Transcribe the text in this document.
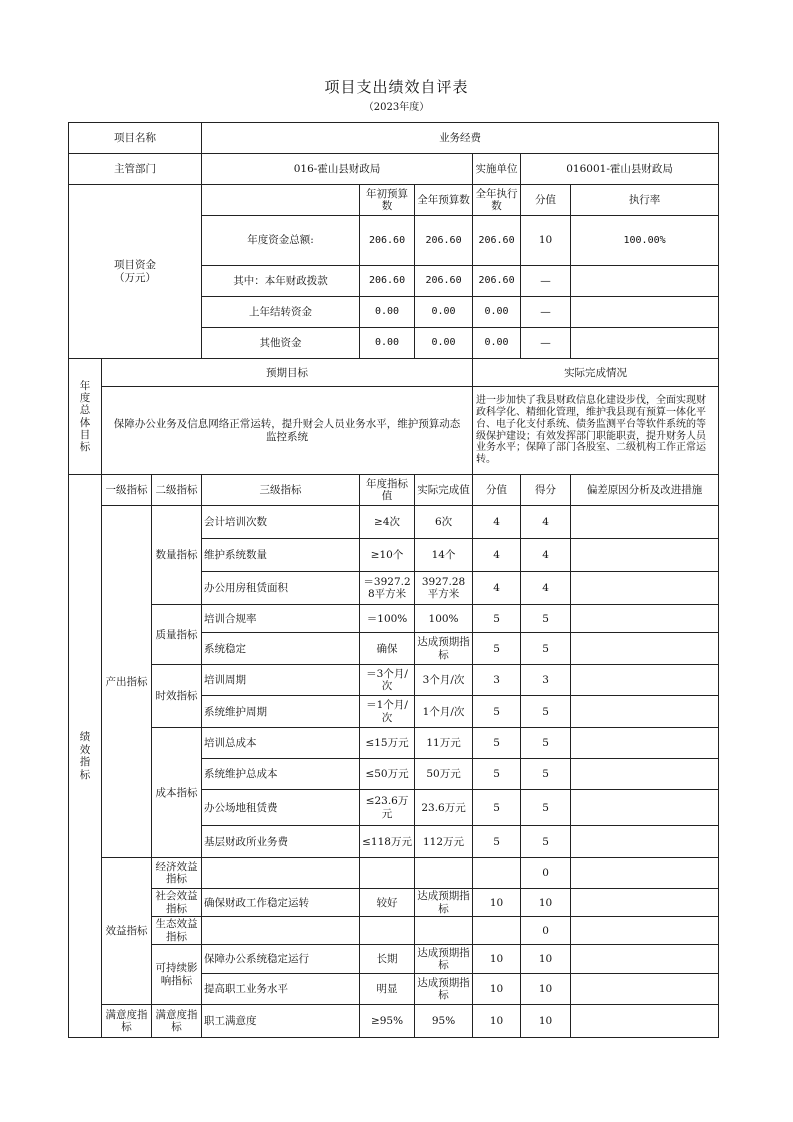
项目支出绩效自评表
（2023年度）
项目名称			业务经费						
主管部门			016-霍山县财政局			实施单位	016001-霍山县财政局		
项目资金
（万元）				年初预算数	全年预算数	全年执行数	分值	执行率	
			年度资金总额:	206.60	206.60	206.60	10	100.00%	
			其中：本年财政拨款	206.60	206.60	206.60	—		
			上年结转资金	0.00	0.00	0.00	—		
			其他资金	0.00	0.00	0.00	—		
年度总体目标	预期目标					实际完成情况			
	保障办公业务及信息网络正常运转，提升财会人员业务水平，维护预算动态监控系统					进一步加快了我县财政信息化建设步伐，全面实现财政科学化、精细化管理，维护我县现有预算一体化平台、电子化支付系统、债务监测平台等软件系统的等级保护建设；有效发挥部门职能职责，提升财务人员业务水平；保障了部门各股室、二级机构工作正常运转。			
绩效指标	一级指标	二级指标	三级指标	年度指标值	实际完成值	分值	得分	偏差原因分析及改进措施	
	产出指标	数量指标	会计培训次数	≥4次	6次	4	4		
			维护系统数量	≥10个	14个	4	4		
			办公用房租赁面积	＝3927.28平方米	3927.28平方米	4	4		
		质量指标	培训合规率	＝100%	100%	5	5		
			系统稳定	确保	达成预期指标	5	5		
		时效指标	培训周期	＝3个月/次	3个月/次	3	3		
			系统维护周期	＝1个月/次	1个月/次	5	5		
		成本指标	培训总成本	≤15万元	11万元	5	5		
			系统维护总成本	≤50万元	50万元	5	5		
			办公场地租赁费	≤23.6万元	23.6万元	5	5		
			基层财政所业务费	≤118万元	112万元	5	5		
	效益指标	经济效益指标					0		
		社会效益指标	确保财政工作稳定运转	较好	达成预期指标	10	10		
		生态效益指标					0		
		可持续影响指标	保障办公系统稳定运行	长期	达成预期指标	10	10		
			提高职工业务水平	明显	达成预期指标	10	10		
	满意度指标	满意度指标	职工满意度	≥95%	95%	10	10		
